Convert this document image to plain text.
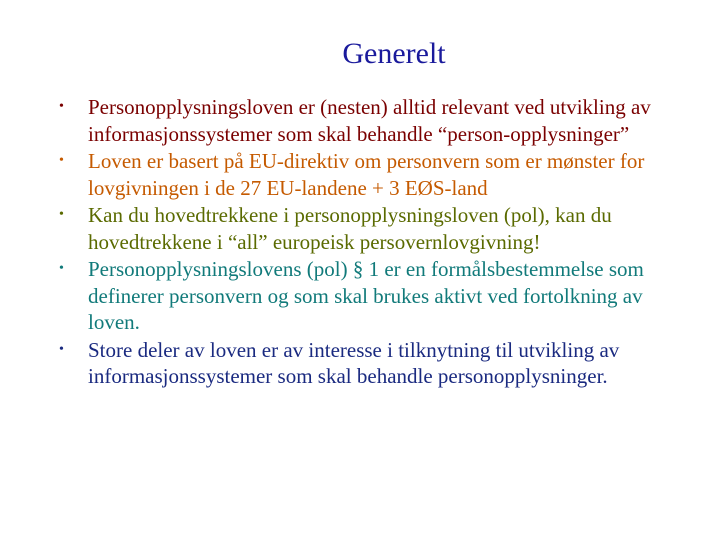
Generelt
• Personopplysningsloven er (nesten) alltid relevant ved utvikling av informasjonssystemer som skal behandle “person-opplysninger”
• Loven er basert på EU-direktiv om personvern som er mønster for lovgivningen i de 27 EU-landene + 3 EØS-land
• Kan du hovedtrekkene i personopplysningsloven (pol), kan du hovedtrekkene i “all” europeisk persovernlovgivning!
• Personopplysningslovens (pol) § 1 er en formålsbestemmelse som definerer personvern og som skal brukes aktivt ved fortolkning av loven.
• Store deler av loven er av interesse i tilknytning til utvikling av informasjonssystemer som skal behandle personopplysninger.
